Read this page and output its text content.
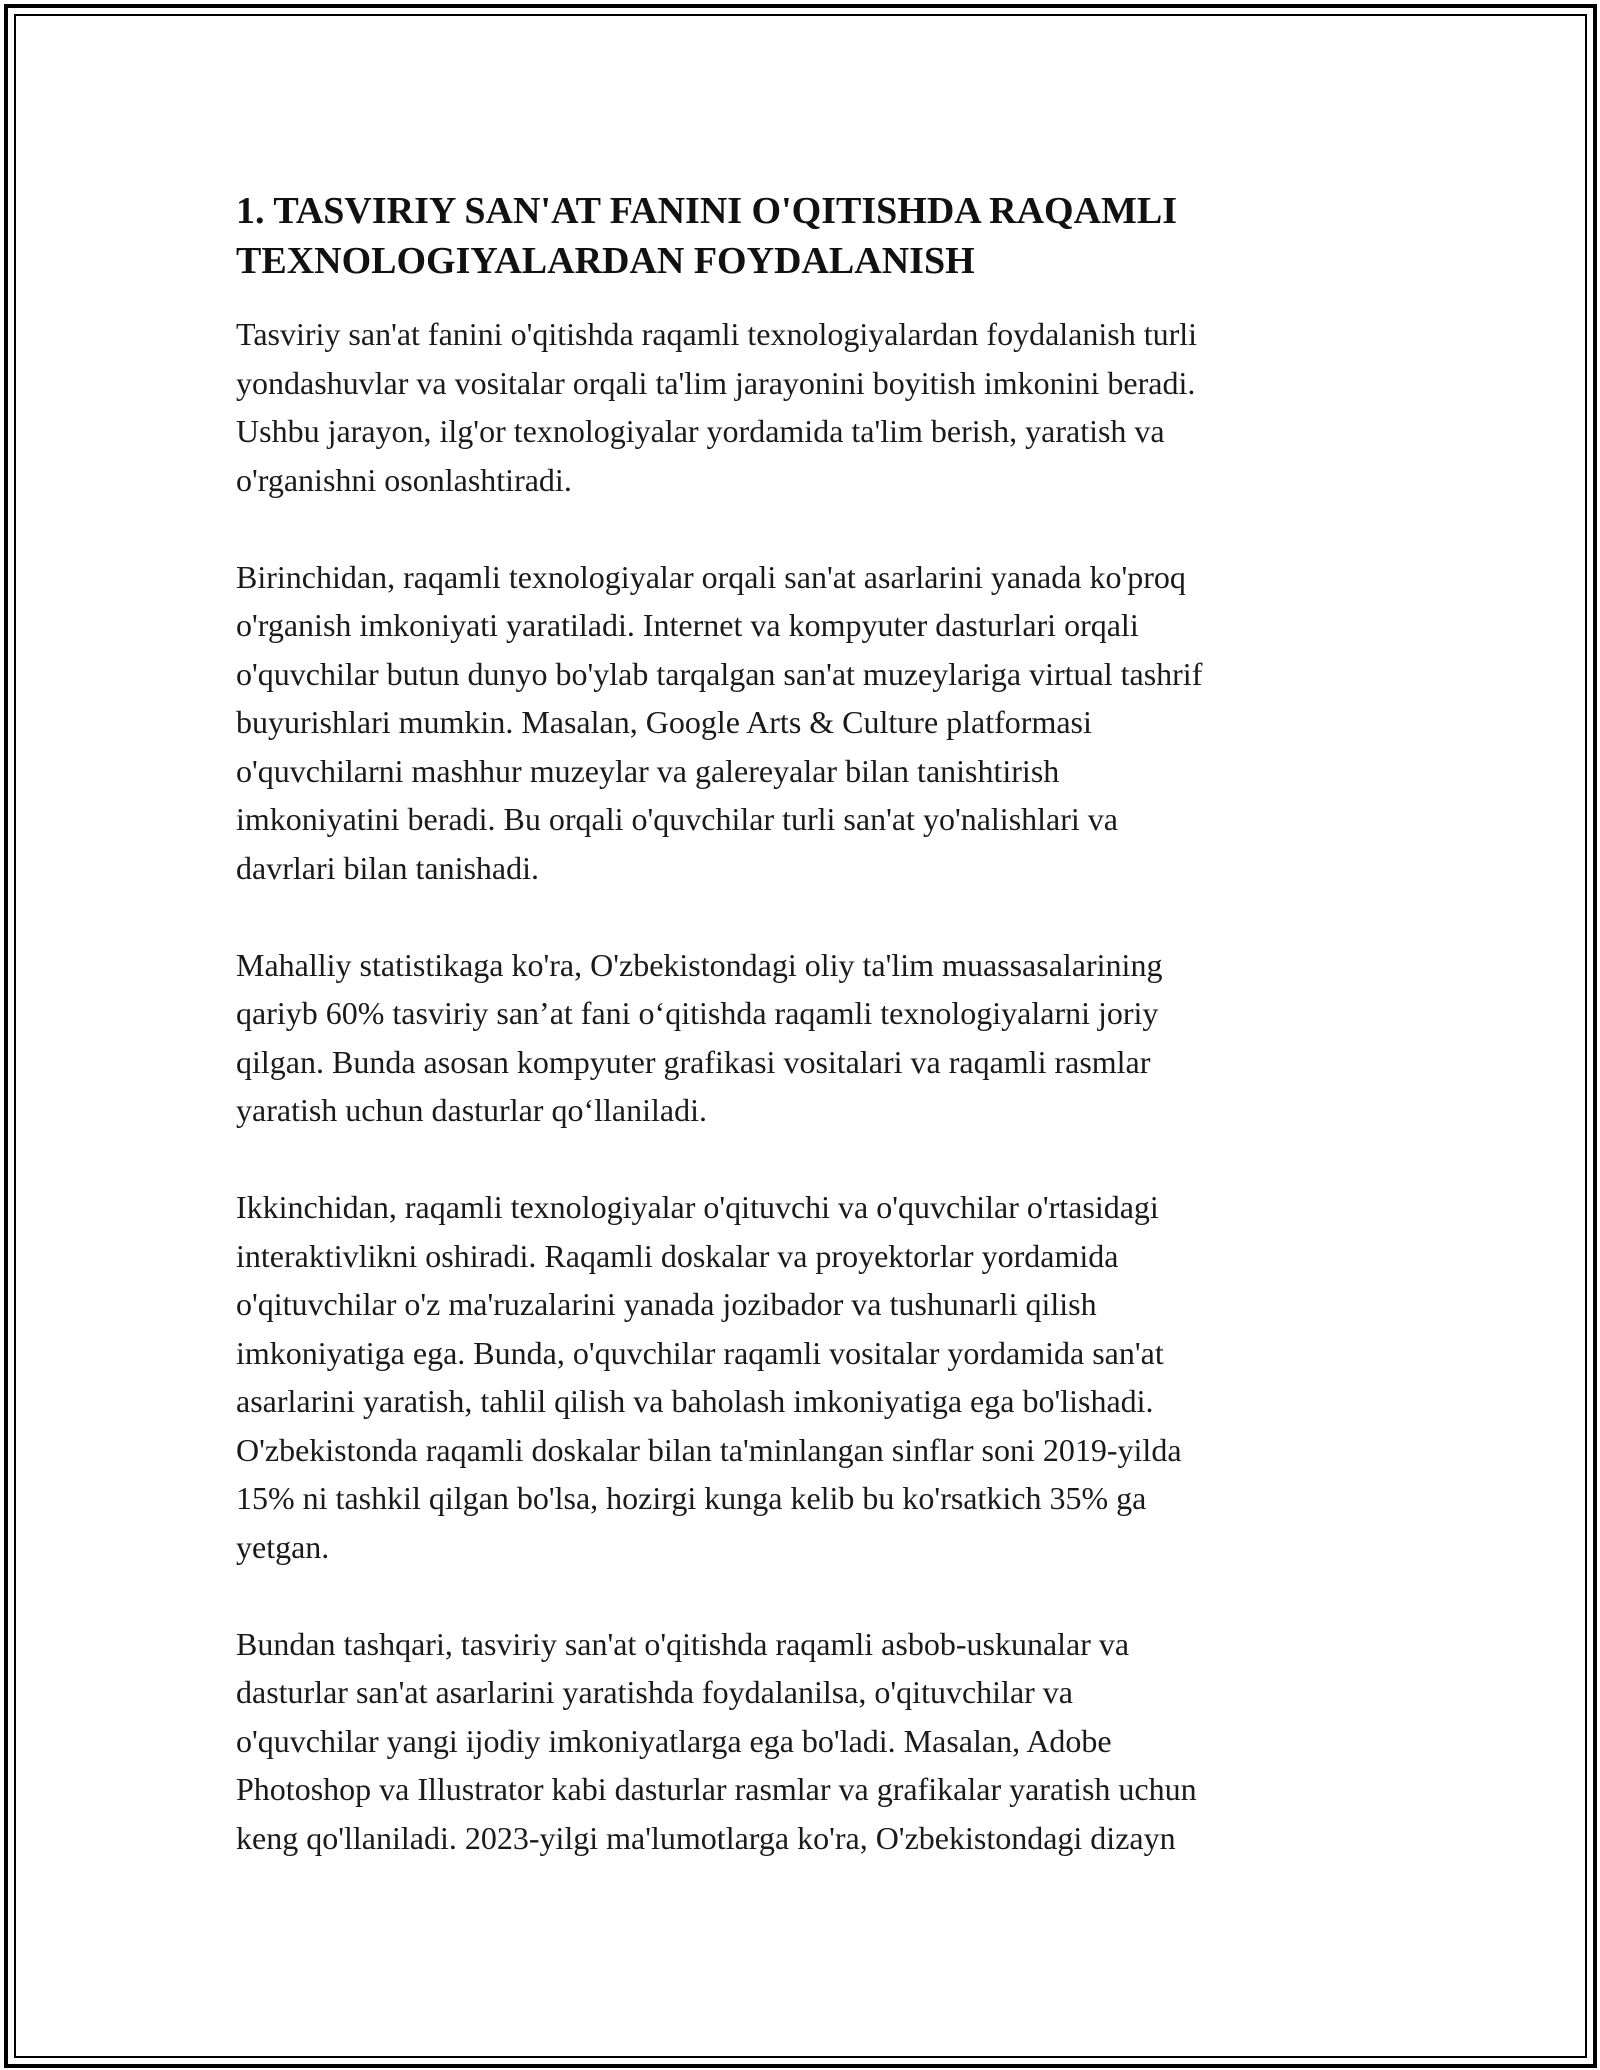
1. TASVIRIY SAN'AT FANINI O'QITISHDA RAQAMLI
TEXNOLOGIYALARDAN FOYDALANISH

Tasviriy san'at fanini o'qitishda raqamli texnologiyalardan foydalanish turli
yondashuvlar va vositalar orqali ta'lim jarayonini boyitish imkonini beradi.
Ushbu jarayon, ilg'or texnologiyalar yordamida ta'lim berish, yaratish va
o'rganishni osonlashtiradi.

Birinchidan, raqamli texnologiyalar orqali san'at asarlarini yanada ko'proq
o'rganish imkoniyati yaratiladi. Internet va kompyuter dasturlari orqali
o'quvchilar butun dunyo bo'ylab tarqalgan san'at muzeylariga virtual tashrif
buyurishlari mumkin. Masalan, Google Arts & Culture platformasi
o'quvchilarni mashhur muzeylar va galereyalar bilan tanishtirish
imkoniyatini beradi. Bu orqali o'quvchilar turli san'at yo'nalishlari va
davrlari bilan tanishadi.

Mahalliy statistikaga ko'ra, O'zbekistondagi oliy ta'lim muassasalarining
qariyb 60% tasviriy san’at fani o‘qitishda raqamli texnologiyalarni joriy
qilgan. Bunda asosan kompyuter grafikasi vositalari va raqamli rasmlar
yaratish uchun dasturlar qo‘llaniladi.

Ikkinchidan, raqamli texnologiyalar o'qituvchi va o'quvchilar o'rtasidagi
interaktivlikni oshiradi. Raqamli doskalar va proyektorlar yordamida
o'qituvchilar o'z ma'ruzalarini yanada jozibador va tushunarli qilish
imkoniyatiga ega. Bunda, o'quvchilar raqamli vositalar yordamida san'at
asarlarini yaratish, tahlil qilish va baholash imkoniyatiga ega bo'lishadi.
O'zbekistonda raqamli doskalar bilan ta'minlangan sinflar soni 2019-yilda
15% ni tashkil qilgan bo'lsa, hozirgi kunga kelib bu ko'rsatkich 35% ga
yetgan.

Bundan tashqari, tasviriy san'at o'qitishda raqamli asbob-uskunalar va
dasturlar san'at asarlarini yaratishda foydalanilsa, o'qituvchilar va
o'quvchilar yangi ijodiy imkoniyatlarga ega bo'ladi. Masalan, Adobe
Photoshop va Illustrator kabi dasturlar rasmlar va grafikalar yaratish uchun
keng qo'llaniladi. 2023-yilgi ma'lumotlarga ko'ra, O'zbekistondagi dizayn
